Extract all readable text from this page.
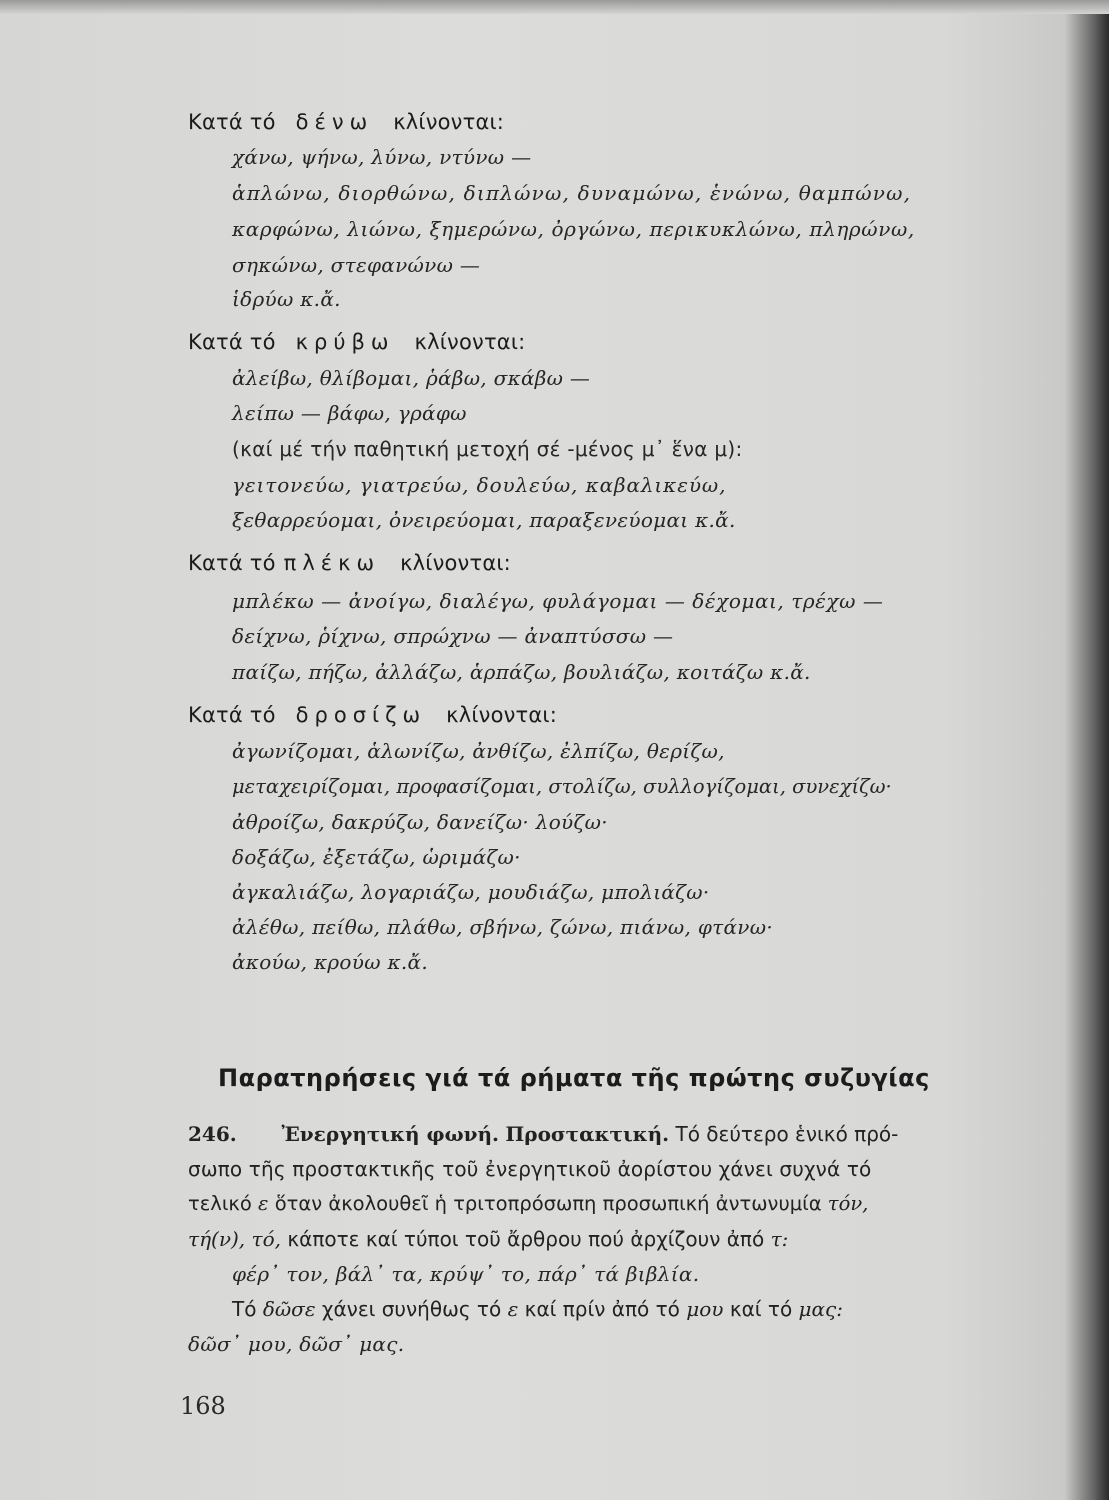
Κατά τό δένω κλίνονται:
χάνω, ψήνω, λύνω, ντύνω —
ἁπλώνω, διορθώνω, διπλώνω, δυναμώνω, ἑνώνω, θαμπώνω,
καρφώνω, λιώνω, ξημερώνω, ὀργώνω, περικυκλώνω, πληρώνω,
σηκώνω, στεφανώνω —
ἱδρύω κ.ἄ.
Κατά τό κρύβω κλίνονται:
ἀλείβω, θλίβομαι, ῥάβω, σκάβω —
λείπω — βάφω, γράφω
(καί μέ τήν παθητική μετοχή σέ -μένος μ᾿ ἕνα μ):
γειτονεύω, γιατρεύω, δουλεύω, καβαλικεύω,
ξεθαρρεύομαι, ὀνειρεύομαι, παραξενεύομαι κ.ἄ.
Κατά τό πλέκω κλίνονται:
μπλέκω — ἀνοίγω, διαλέγω, φυλάγομαι — δέχομαι, τρέχω —
δείχνω, ῥίχνω, σπρώχνω — ἀναπτύσσω —
παίζω, πήζω, ἀλλάζω, ἁρπάζω, βουλιάζω, κοιτάζω κ.ἄ.
Κατά τό δροσίζω κλίνονται:
ἀγωνίζομαι, ἁλωνίζω, ἀνθίζω, ἐλπίζω, θερίζω,
μεταχειρίζομαι, προφασίζομαι, στολίζω, συλλογίζομαι, συνεχίζω·
ἀθροίζω, δακρύζω, δανείζω· λούζω·
δοξάζω, ἐξετάζω, ὡριμάζω·
ἀγκαλιάζω, λογαριάζω, μουδιάζω, μπολιάζω·
ἀλέθω, πείθω, πλάθω, σβήνω, ζώνω, πιάνω, φτάνω·
ἀκούω, κρούω κ.ἄ.
Παρατηρήσεις γιά τά ρήματα τῆς πρώτης συζυγίας
246. Ἐνεργητική φωνή. Προστακτική. Τό δεύτερο ἑνικό πρό-
σωπο τῆς προστακτικῆς τοῦ ἐνεργητικοῦ ἀορίστου χάνει συχνά τό
τελικό ε ὅταν ἀκολουθεῖ ἡ τριτοπρόσωπη προσωπική ἀντωνυμία τόν,
τή(ν), τό, κάποτε καί τύποι τοῦ ἄρθρου πού ἀρχίζουν ἀπό τ:
φέρ᾿ τον, βάλ᾿ τα, κρύψ᾿ το, πάρ᾿ τά βιβλία.
Τό δῶσε χάνει συνήθως τό ε καί πρίν ἀπό τό μου καί τό μας:
δῶσ᾿ μου, δῶσ᾿ μας.
168
